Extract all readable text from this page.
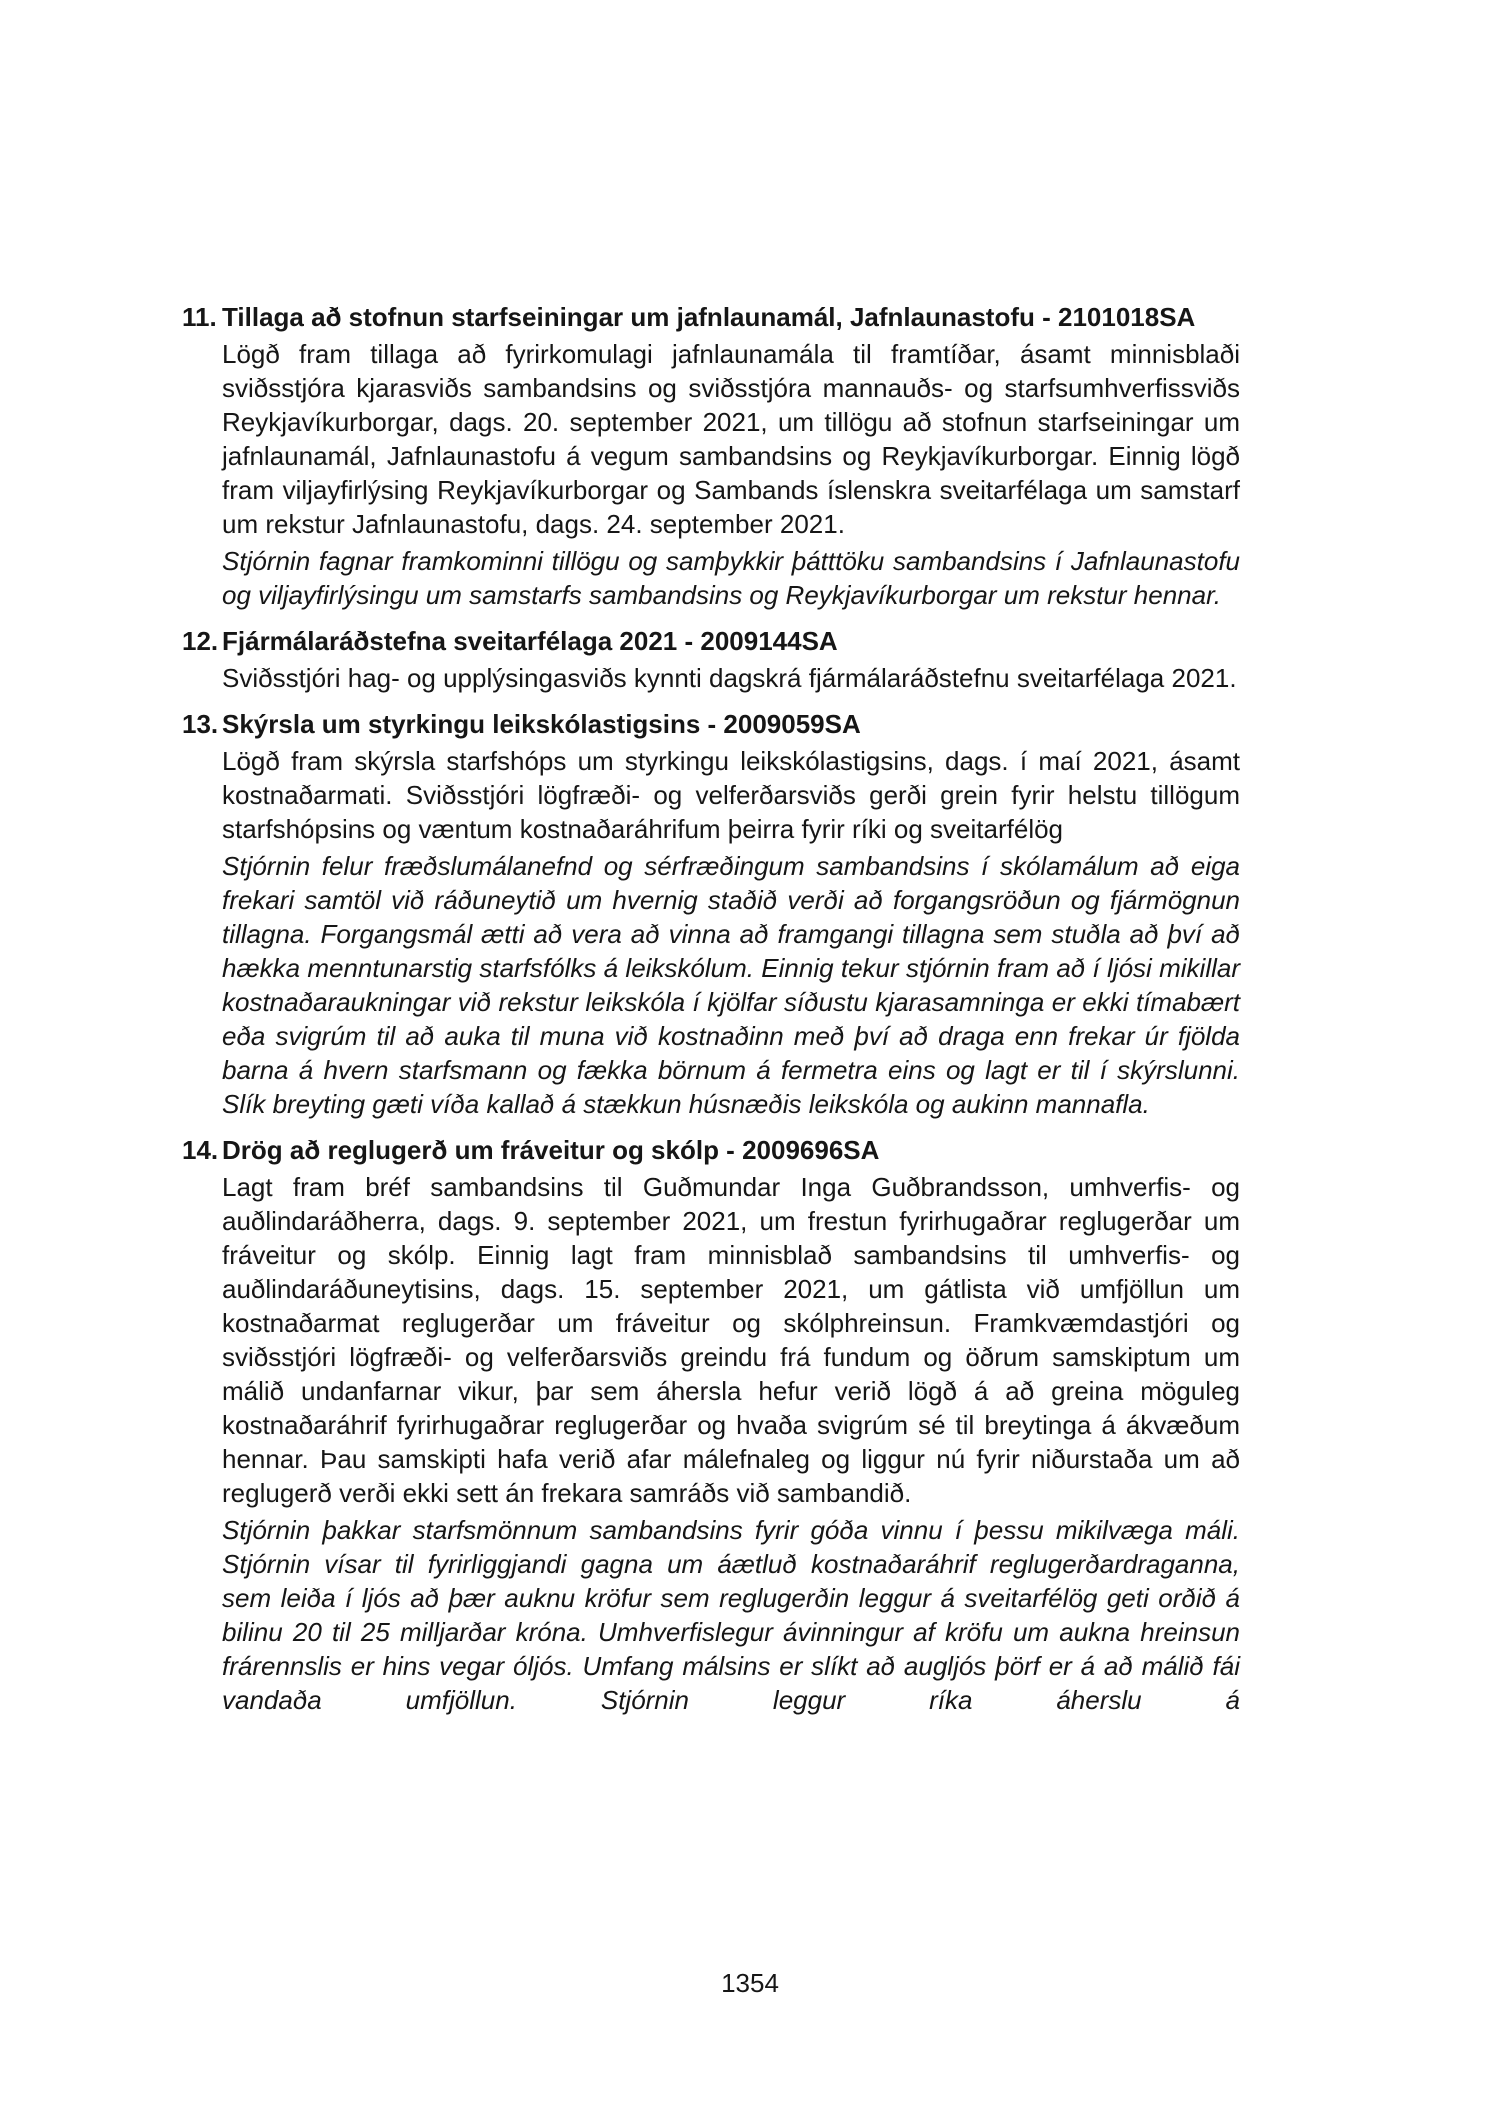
11. Tillaga að stofnun starfseiningar um jafnlaunamál, Jafnlaunastofu - 2101018SA

Lögð fram tillaga að fyrirkomulagi jafnlaunamála til framtíðar, ásamt minnisblaði sviðsstjóra kjarasviðs sambandsins og sviðsstjóra mannauðs- og starfsumhverfissviðs Reykjavíkurborgar, dags. 20. september 2021, um tillögu að stofnun starfseiningar um jafnlaunamál, Jafnlaunastofu á vegum sambandsins og Reykjavíkurborgar. Einnig lögð fram viljayfirlýsing Reykjavíkurborgar og Sambands íslenskra sveitarfélaga um samstarf um rekstur Jafnlaunastofu, dags. 24. september 2021.

Stjórnin fagnar framkominni tillögu og samþykkir þátttöku sambandsins í Jafnlaunastofu og viljayfirlýsingu um samstarfs sambandsins og Reykjavíkurborgar um rekstur hennar.

12. Fjármálaráðstefna sveitarfélaga 2021 - 2009144SA

Sviðsstjóri hag- og upplýsingasviðs kynnti dagskrá fjármálaráðstefnu sveitarfélaga 2021.

13. Skýrsla um styrkingu leikskólastigsins - 2009059SA

Lögð fram skýrsla starfshóps um styrkingu leikskólastigsins, dags. í maí 2021, ásamt kostnaðarmati. Sviðsstjóri lögfræði- og velferðarsviðs gerði grein fyrir helstu tillögum starfshópsins og væntum kostnaðaráhrifum þeirra fyrir ríki og sveitarfélög

Stjórnin felur fræðslumálanefnd og sérfræðingum sambandsins í skólamálum að eiga frekari samtöl við ráðuneytið um hvernig staðið verði að forgangsröðun og fjármögnun tillagna. Forgangsmál ætti að vera að vinna að framgangi tillagna sem stuðla að því að hækka menntunarstig starfsfólks á leikskólum. Einnig tekur stjórnin fram að í ljósi mikillar kostnaðaraukningar við rekstur leikskóla í kjölfar síðustu kjarasamninga er ekki tímabært eða svigrúm til að auka til muna við kostnaðinn með því að draga enn frekar úr fjölda barna á hvern starfsmann og fækka börnum á fermetra eins og lagt er til í skýrslunni. Slík breyting gæti víða kallað á stækkun húsnæðis leikskóla og aukinn mannafla.

14. Drög að reglugerð um fráveitur og skólp - 2009696SA

Lagt fram bréf sambandsins til Guðmundar Inga Guðbrandsson, umhverfis- og auðlindaráðherra, dags. 9. september 2021, um frestun fyrirhugaðrar reglugerðar um fráveitur og skólp. Einnig lagt fram minnisblað sambandsins til umhverfis- og auðlindaráðuneytisins, dags. 15. september 2021, um gátlista við umfjöllun um kostnaðarmat reglugerðar um fráveitur og skólphreinsun. Framkvæmdastjóri og sviðsstjóri lögfræði- og velferðarsviðs greindu frá fundum og öðrum samskiptum um málið undanfarnar vikur, þar sem áhersla hefur verið lögð á að greina möguleg kostnaðaráhrif fyrirhugaðrar reglugerðar og hvaða svigrúm sé til breytinga á ákvæðum hennar. Þau samskipti hafa verið afar málefnaleg og liggur nú fyrir niðurstaða um að reglugerð verði ekki sett án frekara samráðs við sambandið.

Stjórnin þakkar starfsmönnum sambandsins fyrir góða vinnu í þessu mikilvæga máli. Stjórnin vísar til fyrirliggjandi gagna um áætluð kostnaðaráhrif reglugerðardraganna, sem leiða í ljós að þær auknu kröfur sem reglugerðin leggur á sveitarfélög geti orðið á bilinu 20 til 25 milljarðar króna. Umhverfislegur ávinningur af kröfu um aukna hreinsun frárennslis er hins vegar óljós. Umfang málsins er slíkt að augljós þörf er á að málið fái vandaða umfjöllun. Stjórnin leggur ríka áherslu á

1354
